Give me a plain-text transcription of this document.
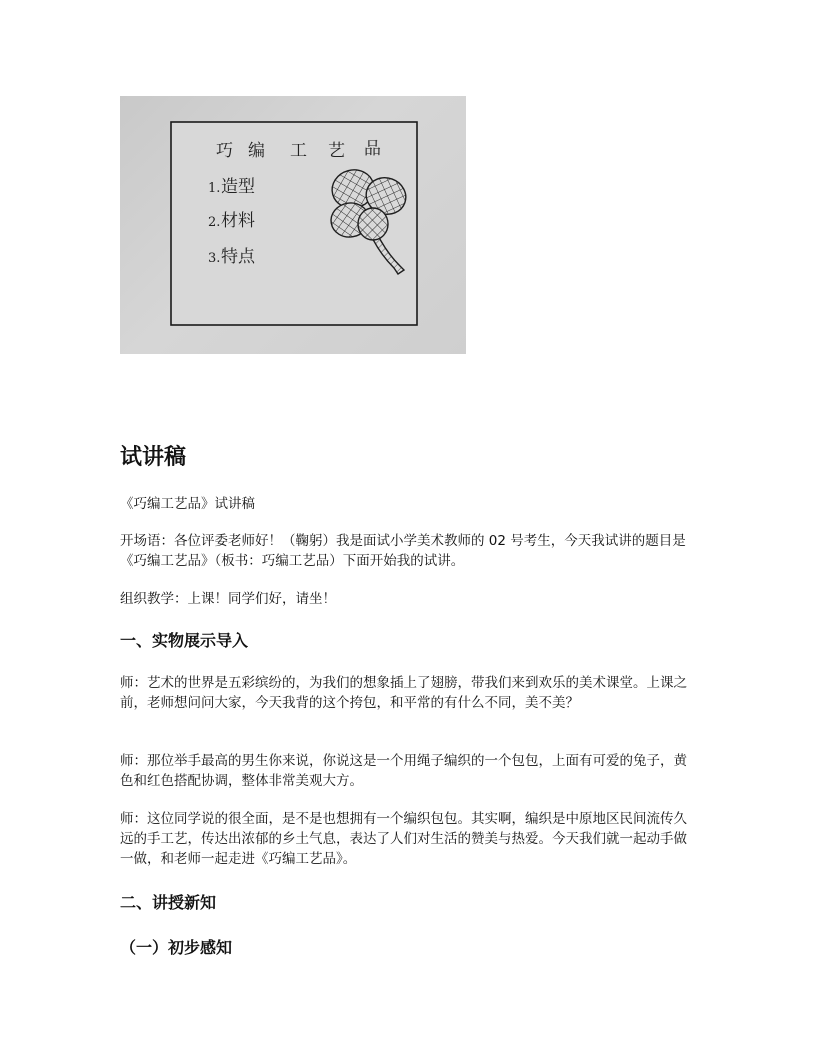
巧 编 工 艺 品
1. 造型
2. 材料
3. 特点
试讲稿

《巧编工艺品》试讲稿

开场语：各位评委老师好！（鞠躬）我是面试小学美术教师的 02 号考生，今天我试讲的题目是《巧编工艺品》（板书：巧编工艺品）下面开始我的试讲。

组织教学：上课！同学们好，请坐！

一、实物展示导入

师：艺术的世界是五彩缤纷的，为我们的想象插上了翅膀，带我们来到欢乐的美术课堂。上课之前，老师想问问大家，今天我背的这个挎包，和平常的有什么不同，美不美？

师：那位举手最高的男生你来说，你说这是一个用绳子编织的一个包包，上面有可爱的兔子，黄色和红色搭配协调，整体非常美观大方。

师：这位同学说的很全面，是不是也想拥有一个编织包包。其实啊，编织是中原地区民间流传久远的手工艺，传达出浓郁的乡土气息，表达了人们对生活的赞美与热爱。今天我们就一起动手做一做，和老师一起走进《巧编工艺品》。

二、讲授新知
（一）初步感知
